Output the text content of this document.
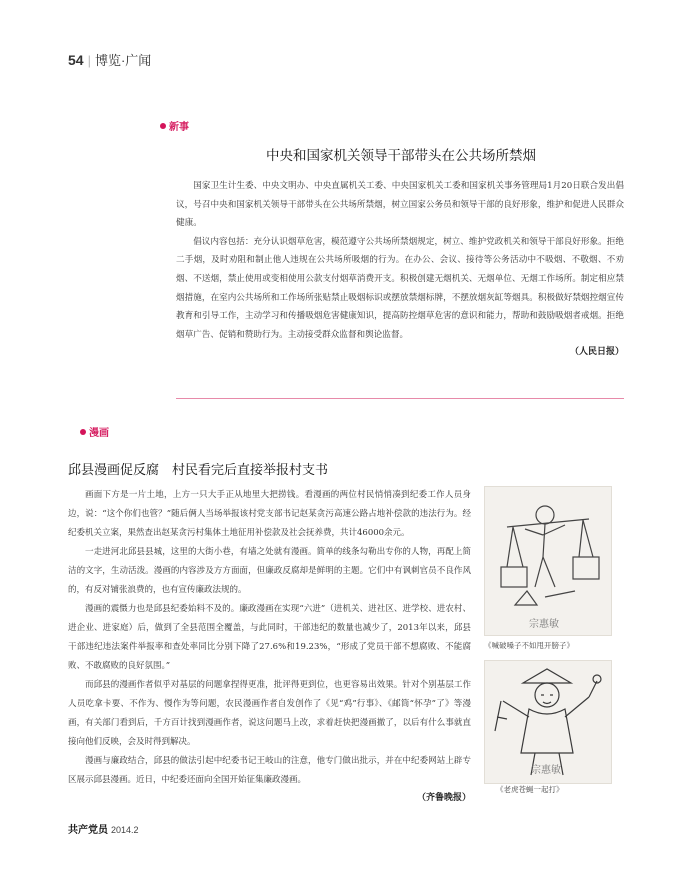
54 | 博览·广闻
新事
中央和国家机关领导干部带头在公共场所禁烟

国家卫生计生委、中央文明办、中央直属机关工委、中央国家机关工委和国家机关事务管理局1月20日联合发出倡议，号召中央和国家机关领导干部带头在公共场所禁烟，树立国家公务员和领导干部的良好形象，维护和促进人民群众健康。

倡议内容包括：充分认识烟草危害，模范遵守公共场所禁烟规定，树立、维护党政机关和领导干部良好形象。拒绝二手烟，及时劝阻和制止他人违规在公共场所吸烟的行为。在办公、会议、接待等公务活动中不吸烟、不敬烟、不劝烟、不送烟，禁止使用或变相使用公款支付烟草消费开支。积极创建无烟机关、无烟单位、无烟工作场所。制定相应禁烟措施，在室内公共场所和工作场所张贴禁止吸烟标识或摆放禁烟标牌，不摆放烟灰缸等烟具。积极做好禁烟控烟宣传教育和引导工作，主动学习和传播吸烟危害健康知识，提高防控烟草危害的意识和能力，帮助和鼓励吸烟者戒烟。拒绝烟草广告、促销和赞助行为。主动接受群众监督和舆论监督。

（人民日报）
漫画
邱县漫画促反腐　村民看完后直接举报村支书

画面下方是一片土地，上方一只大手正从地里大把捞钱。看漫画的两位村民悄悄凑到纪委工作人员身边，说：“这个你们也管？”随后俩人当场举报该村党支部书记赵某贪污高速公路占地补偿款的违法行为。经纪委机关立案，果然查出赵某贪污村集体土地征用补偿款及社会抚养费，共计46000余元。

一走进河北邱县县城，这里的大街小巷，有墙之处就有漫画。简单的线条勾勒出专你的人物，再配上简洁的文字，生动活泼。漫画的内容涉及方方面面，但廉政反腐却是鲜明的主题。它们中有讽刺官员不良作风的，有反对铺张浪费的，也有宣传廉政法规的。

漫画的震慑力也是邱县纪委始料不及的。廉政漫画在实现“六进”（进机关、进社区、进学校、进农村、进企业、进家庭）后，做到了全县范围全覆盖，与此同时，干部违纪的数量也减少了，2013年以来，邱县干部违纪违法案件举报率和查处率同比分别下降了27.6%和19.23%，“形成了党员干部不想腐败、不能腐败、不敢腐败的良好氛围。”

而邱县的漫画作者似乎对基层的问题拿捏得更准，批评得更到位，也更容易出效果。针对个别基层工作人员吃拿卡要、不作为、慢作为等问题，农民漫画作者自发创作了《见“鸡”行事》、《邮筒“怀孕”了》等漫画，有关部门看到后，千方百计找到漫画作者，说这问题马上改，求着赶快把漫画撤了，以后有什么事就直接向他们反映，会及时得到解决。

漫画与廉政结合，邱县的做法引起中纪委书记王岐山的注意，他专门做出批示，并在中纪委网站上辟专区展示邱县漫画。近日，中纪委还面向全国开始征集廉政漫画。

（齐鲁晚报）
宗惠敏
《喊破嗓子不如甩开膀子》
宗惠敏
《老虎苍蝇一起打》
共产党员 2014.2
